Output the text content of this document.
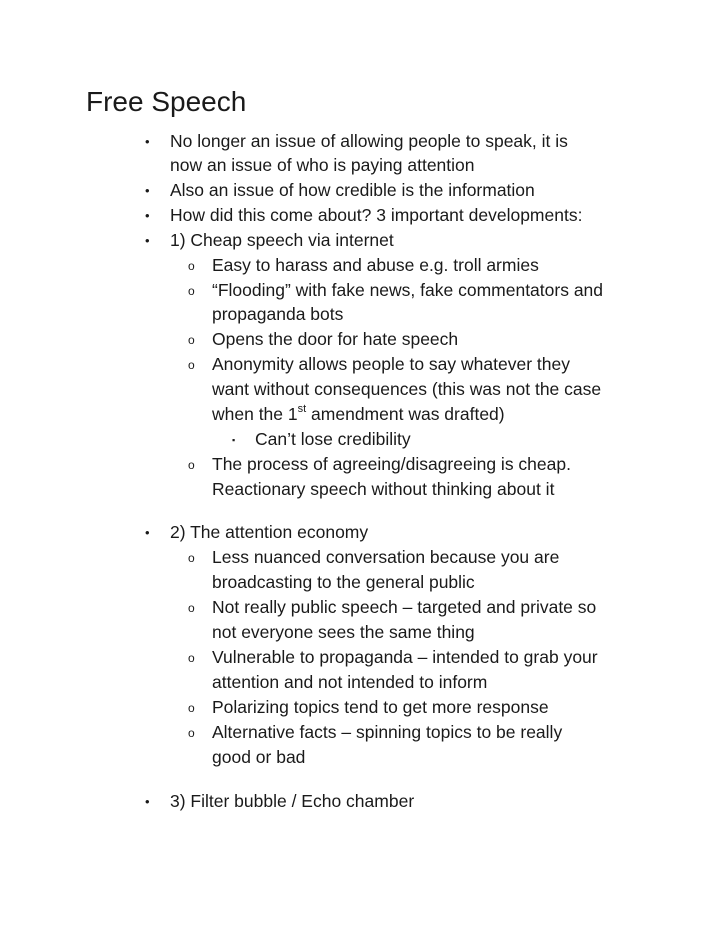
Free Speech
• No longer an issue of allowing people to speak, it is
now an issue of who is paying attention
• Also an issue of how credible is the information
• How did this come about? 3 important developments:
• 1) Cheap speech via internet
o Easy to harass and abuse e.g. troll armies
o “Flooding” with fake news, fake commentators and
propaganda bots
o Opens the door for hate speech
o Anonymity allows people to say whatever they
want without consequences (this was not the case
when the 1st amendment was drafted)
▪ Can’t lose credibility
o The process of agreeing/disagreeing is cheap.
Reactionary speech without thinking about it
• 2) The attention economy
o Less nuanced conversation because you are
broadcasting to the general public
o Not really public speech – targeted and private so
not everyone sees the same thing
o Vulnerable to propaganda – intended to grab your
attention and not intended to inform
o Polarizing topics tend to get more response
o Alternative facts – spinning topics to be really
good or bad
• 3) Filter bubble / Echo chamber
